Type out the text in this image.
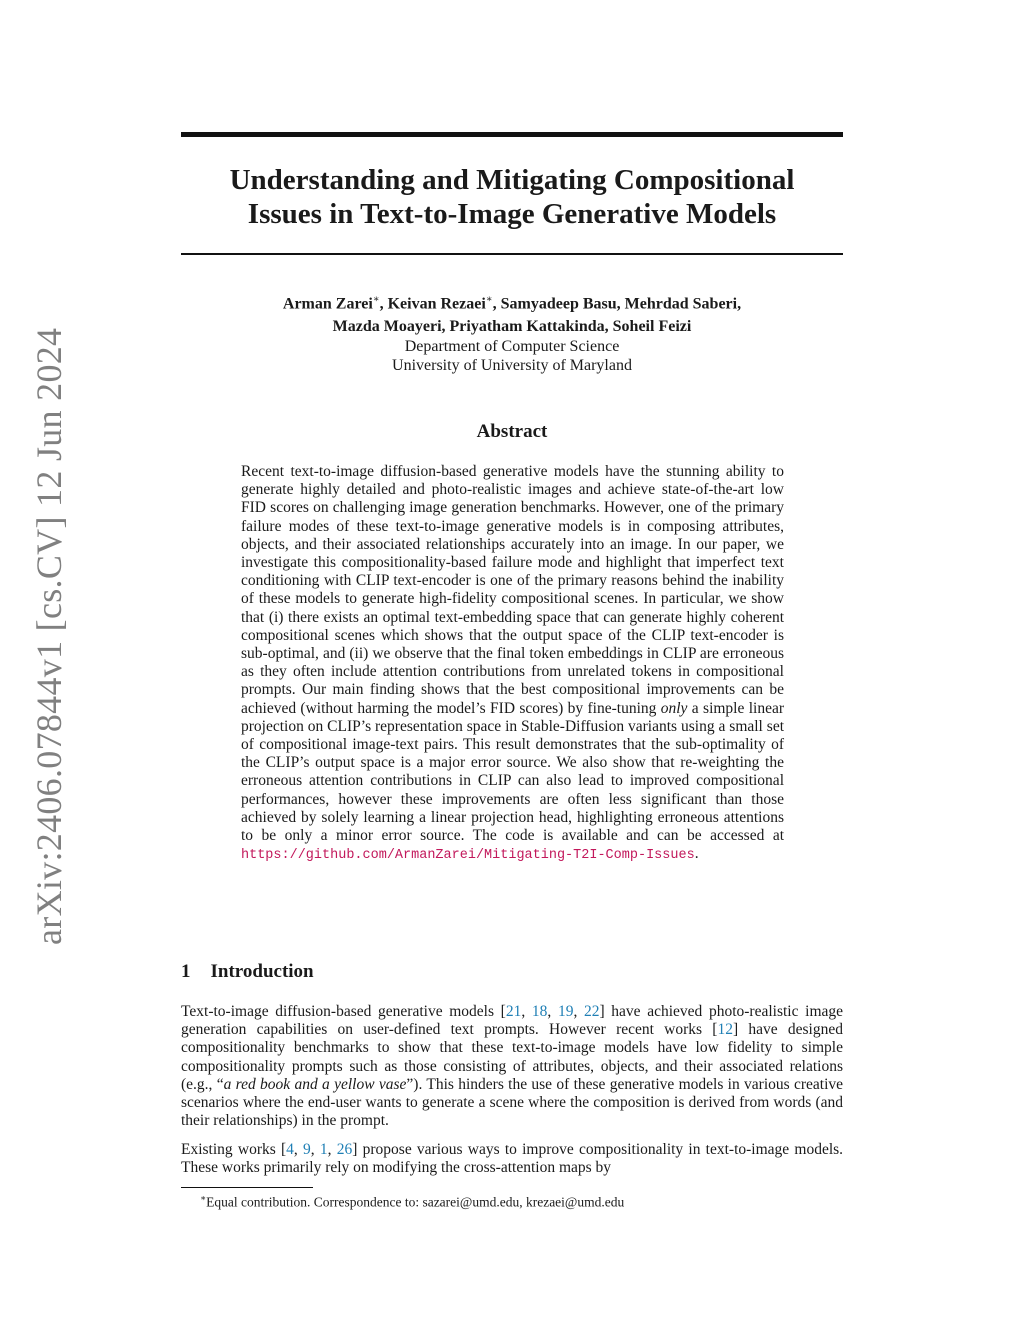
arXiv:2406.07844v1 [cs.CV] 12 Jun 2024
Understanding and Mitigating Compositional
Issues in Text-to-Image Generative Models
Arman Zarei∗, Keivan Rezaei∗, Samyadeep Basu, Mehrdad Saberi,
Mazda Moayeri, Priyatham Kattakinda, Soheil Feizi
Department of Computer Science
University of University of Maryland
Abstract

Recent text-to-image diffusion-based generative models have the stunning ability to generate highly detailed and photo-realistic images and achieve state-of-the-art low FID scores on challenging image generation benchmarks. However, one of the primary failure modes of these text-to-image generative models is in composing attributes, objects, and their associated relationships accurately into an image. In our paper, we investigate this compositionality-based failure mode and highlight that imperfect text conditioning with CLIP text-encoder is one of the primary reasons behind the inability of these models to generate high-fidelity compositional scenes. In particular, we show that (i) there exists an optimal text-embedding space that can generate highly coherent compositional scenes which shows that the output space of the CLIP text-encoder is sub-optimal, and (ii) we observe that the final token embeddings in CLIP are erroneous as they often include attention contributions from unrelated tokens in compositional prompts. Our main finding shows that the best compositional improvements can be achieved (without harming the model’s FID scores) by fine-tuning only a simple linear projection on CLIP’s representation space in Stable-Diffusion variants using a small set of compositional image-text pairs. This result demonstrates that the sub-optimality of the CLIP’s output space is a major error source. We also show that re-weighting the erroneous attention contributions in CLIP can also lead to improved compositional performances, however these improvements are often less significant than those achieved by solely learning a linear projection head, highlighting erroneous attentions to be only a minor error source. The code is available and can be accessed at https://github.com/ArmanZarei/Mitigating-T2I-Comp-Issues.

1 Introduction

Text-to-image diffusion-based generative models [21, 18, 19, 22] have achieved photo-realistic image generation capabilities on user-defined text prompts. However recent works [12] have designed compositionality benchmarks to show that these text-to-image models have low fidelity to simple compositionality prompts such as those consisting of attributes, objects, and their associated relations (e.g., “a red book and a yellow vase”). This hinders the use of these generative models in various creative scenarios where the end-user wants to generate a scene where the composition is derived from words (and their relationships) in the prompt.

Existing works [4, 9, 1, 26] propose various ways to improve compositionality in text-to-image models. These works primarily rely on modifying the cross-attention maps by

∗Equal contribution. Correspondence to: sazarei@umd.edu, krezaei@umd.edu
